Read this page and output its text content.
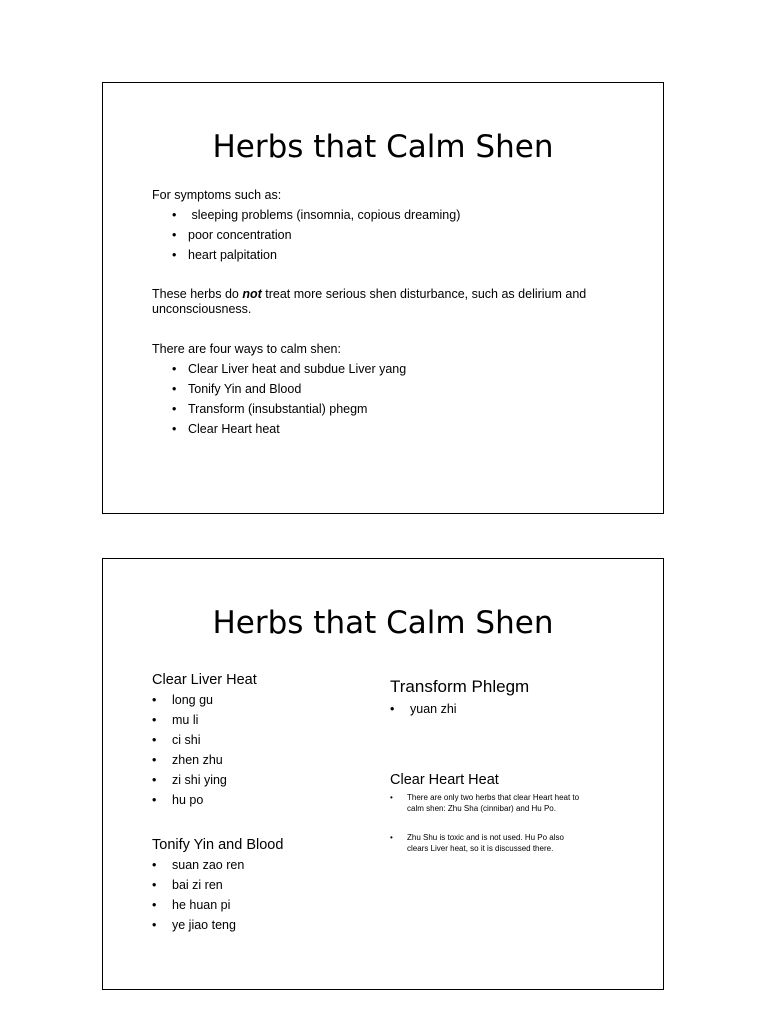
Herbs that Calm Shen

For symptoms such as:

•  sleeping problems (insomnia, copious dreaming)
• poor concentration
• heart palpitation

These herbs do not treat more serious shen disturbance, such as delirium and unconsciousness.

There are four ways to calm shen:

• Clear Liver heat and subdue Liver yang
• Tonify Yin and Blood
• Transform (insubstantial) phegm
• Clear Heart heat
Herbs that Calm Shen
Clear Liver Heat
• long gu
• mu li
• ci shi
• zhen zhu
• zi shi ying
• hu po
Tonify Yin and Blood
• suan zao ren
• bai zi ren
• he huan pi
• ye jiao teng
Transform Phlegm
• yuan zhi
Clear Heart Heat
• There are only two herbs that clear Heart heat to calm shen: Zhu Sha (cinnibar) and Hu Po.
• Zhu Shu is toxic and is not used. Hu Po also clears Liver heat, so it is discussed there.
